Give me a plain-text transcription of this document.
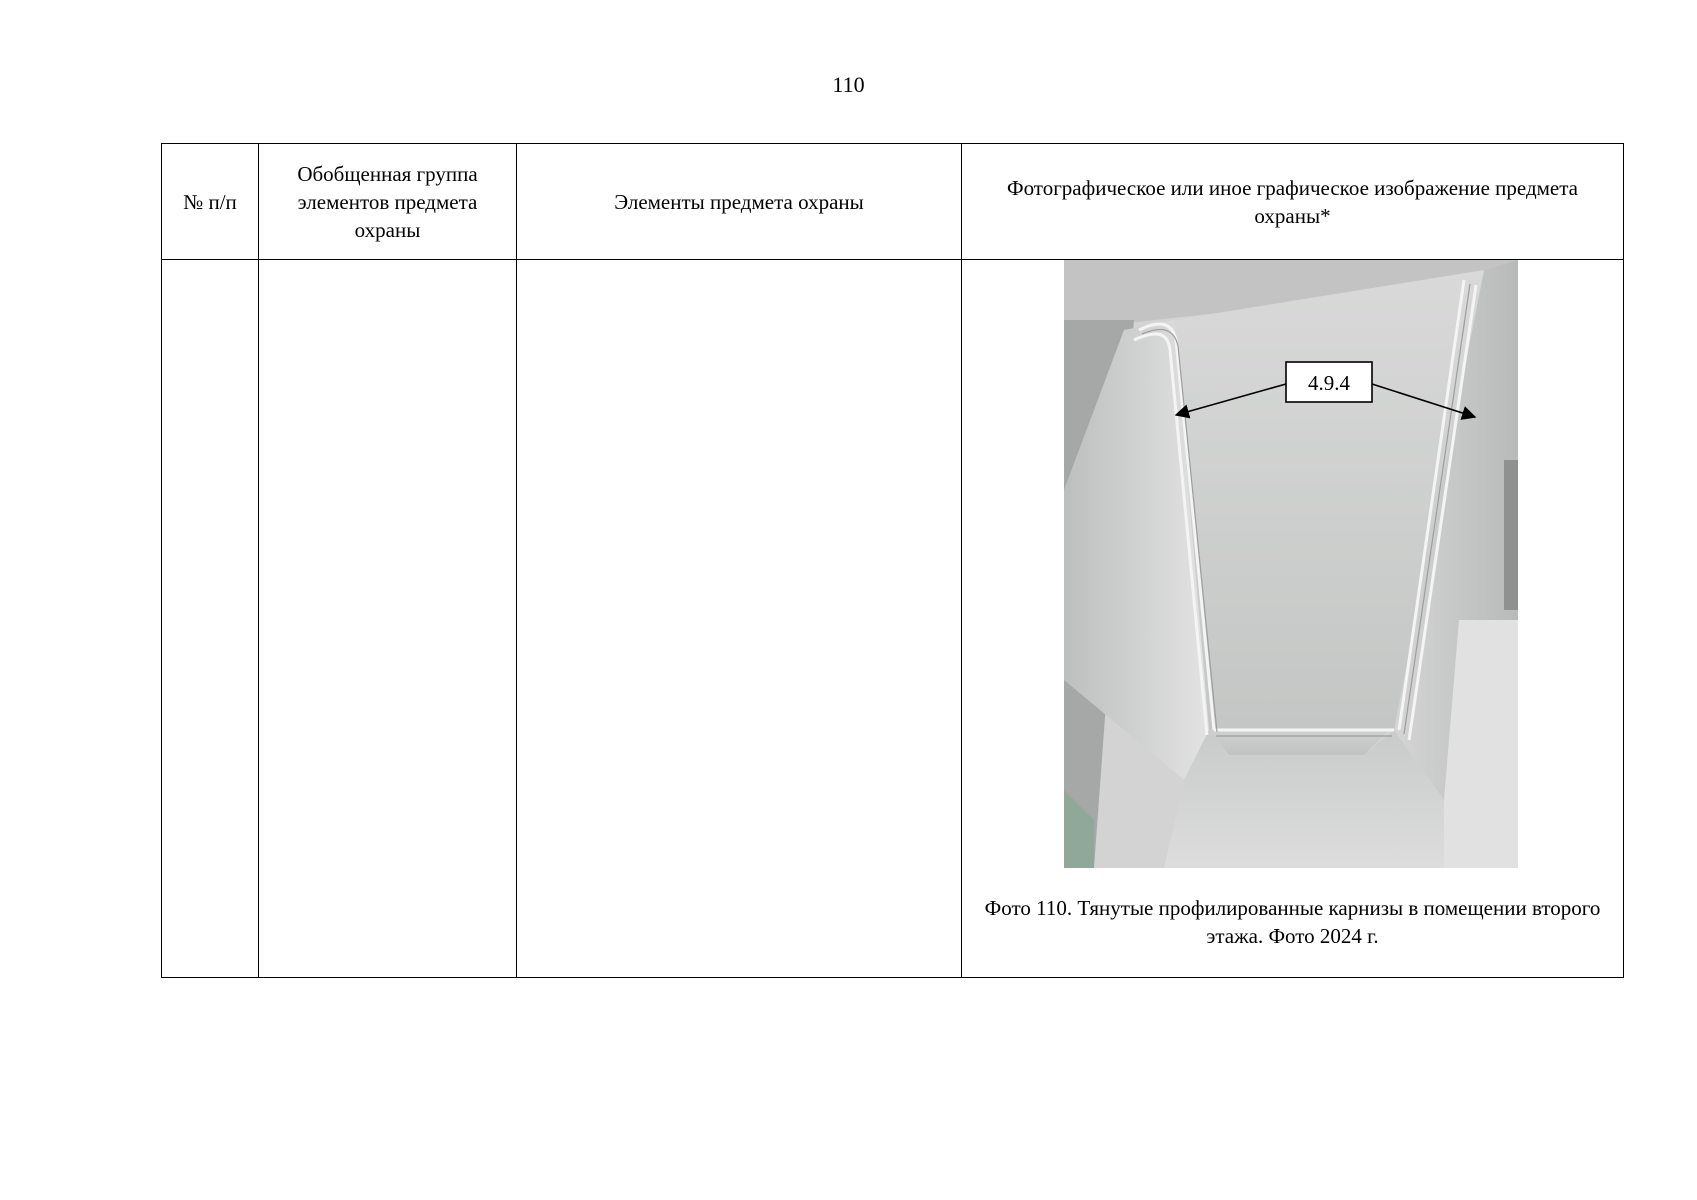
110
№ п/п	Обобщенная группа элементов предмета охраны	Элементы предмета охраны	Фотографическое или иное графическое изображение предмета охраны*

4.9.4
Фото 110. Тянутые профилированные карнизы в помещении второго этажа. Фото 2024 г.
